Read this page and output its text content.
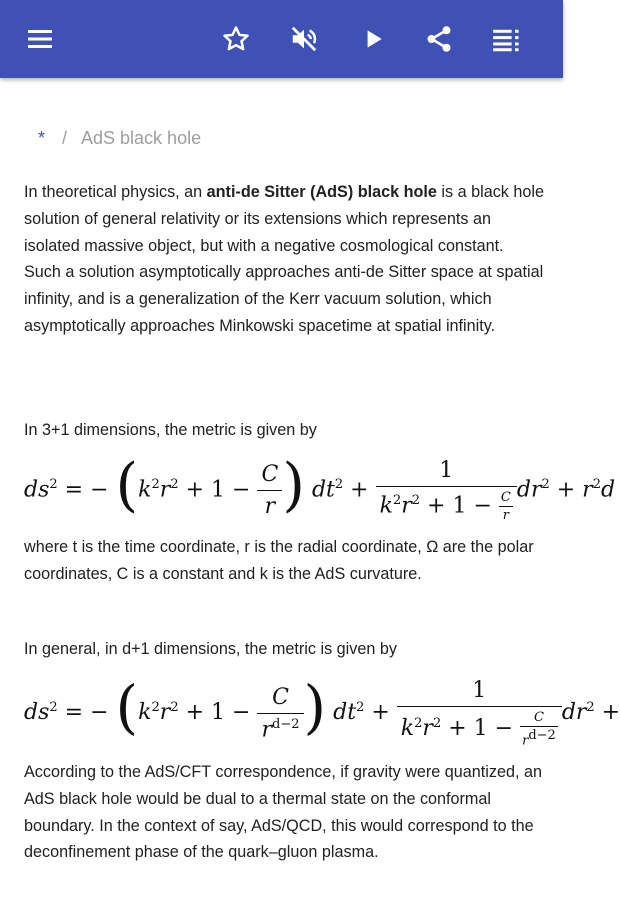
* / AdS black hole

In theoretical physics, an anti-de Sitter (AdS) black hole is a black hole solution of general relativity or its extensions which represents an isolated massive object, but with a negative cosmological constant. Such a solution asymptotically approaches anti-de Sitter space at spatial infinity, and is a generalization of the Kerr vacuum solution, which asymptotically approaches Minkowski spacetime at spatial infinity.

In 3+1 dimensions, the metric is given by

$ds^2$ = − ($k^2r^2 + 1 - \frac{C}{r}$ ) $dt^2 + \frac{1}{k^2r^2 + 1 - \frac{C}{r}} dr^2 + r^2d$

where t is the time coordinate, r is the radial coordinate, Ω are the polar coordinates, C is a constant and k is the AdS curvature.

In general, in d+1 dimensions, the metric is given by

$ds^2$ = − ($k^2r^2 + 1 - \frac{C}{r^{d-2}}$ ) $dt^2 + \frac{1}{k^2r^2 + 1 - \frac{C}{rd-2}} dr^2$ +

According to the AdS/CFT correspondence, if gravity were quantized, an AdS black hole would be dual to a thermal state on the conformal boundary. In the context of say, AdS/QCD, this would correspond to the deconfinement phase of the quark–gluon plasma.
